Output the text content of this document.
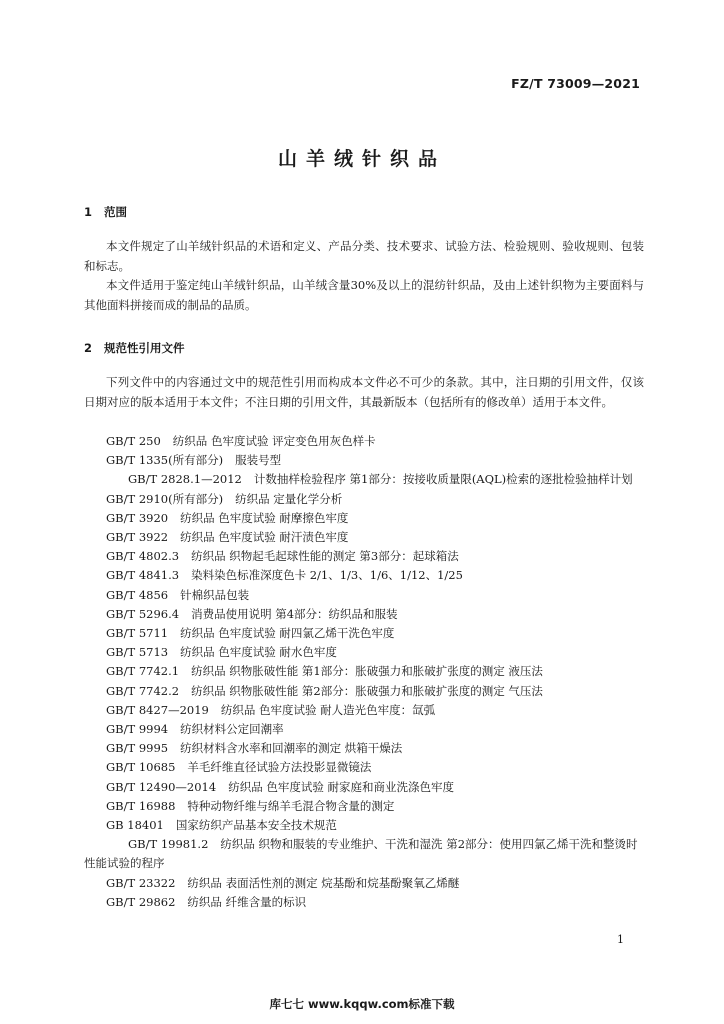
FZ/T 73009—2021
山羊绒针织品
1 范围

本文件规定了山羊绒针织品的术语和定义、产品分类、技术要求、试验方法、检验规则、验收规则、包装和标志。

本文件适用于鉴定纯山羊绒针织品，山羊绒含量30%及以上的混纺针织品，及由上述针织物为主要面料与其他面料拼接而成的制品的品质。

2 规范性引用文件

下列文件中的内容通过文中的规范性引用而构成本文件必不可少的条款。其中，注日期的引用文件，仅该日期对应的版本适用于本文件；不注日期的引用文件，其最新版本（包括所有的修改单）适用于本文件。

GB/T 250 纺织品 色牢度试验 评定变色用灰色样卡
GB/T 1335(所有部分) 服装号型
GB/T 2828.1—2012 计数抽样检验程序 第1部分：按接收质量限(AQL)检索的逐批检验抽样计划
GB/T 2910(所有部分) 纺织品 定量化学分析
GB/T 3920 纺织品 色牢度试验 耐摩擦色牢度
GB/T 3922 纺织品 色牢度试验 耐汗渍色牢度
GB/T 4802.3 纺织品 织物起毛起球性能的测定 第3部分：起球箱法
GB/T 4841.3 染料染色标准深度色卡 2/1、1/3、1/6、1/12、1/25
GB/T 4856 针棉织品包装
GB/T 5296.4 消费品使用说明 第4部分：纺织品和服装
GB/T 5711 纺织品 色牢度试验 耐四氯乙烯干洗色牢度
GB/T 5713 纺织品 色牢度试验 耐水色牢度
GB/T 7742.1 纺织品 织物胀破性能 第1部分：胀破强力和胀破扩张度的测定 液压法
GB/T 7742.2 纺织品 织物胀破性能 第2部分：胀破强力和胀破扩张度的测定 气压法
GB/T 8427—2019 纺织品 色牢度试验 耐人造光色牢度：氙弧
GB/T 9994 纺织材料公定回潮率
GB/T 9995 纺织材料含水率和回潮率的测定 烘箱干燥法
GB/T 10685 羊毛纤维直径试验方法投影显微镜法
GB/T 12490—2014 纺织品 色牢度试验 耐家庭和商业洗涤色牢度
GB/T 16988 特种动物纤维与绵羊毛混合物含量的测定
GB 18401 国家纺织产品基本安全技术规范
GB/T 19981.2 纺织品 织物和服装的专业维护、干洗和湿洗 第2部分：使用四氯乙烯干洗和整烫时性能试验的程序
GB/T 23322 纺织品 表面活性剂的测定 烷基酚和烷基酚聚氧乙烯醚
GB/T 29862 纺织品 纤维含量的标识
1
库七七 www.kqqw.com标准下载
